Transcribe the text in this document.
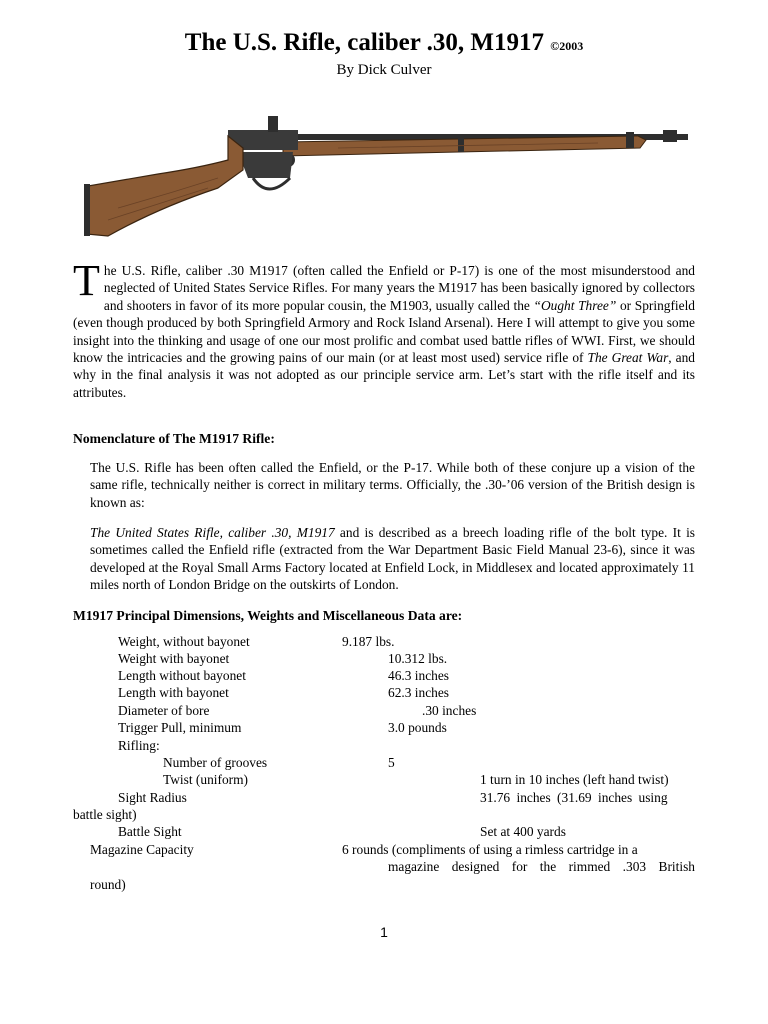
The U.S. Rifle, caliber .30, M1917 ©2003
By Dick Culver
The U.S. Rifle, caliber .30 M1917 (often called the Enfield or P-17) is one of the most misunderstood and neglected of United States Service Rifles. For many years the M1917 has been basically ignored by collectors and shooters in favor of its more popular cousin, the M1903, usually called the “Ought Three” or Springfield (even though produced by both Springfield Armory and Rock Island Arsenal). Here I will attempt to give you some insight into the thinking and usage of one our most prolific and combat used battle rifles of WWI. First, we should know the intricacies and the growing pains of our main (or at least most used) service rifle of The Great War, and why in the final analysis it was not adopted as our principle service arm. Let’s start with the rifle itself and its attributes.
Nomenclature of The M1917 Rifle:
The U.S. Rifle has been often called the Enfield, or the P-17. While both of these conjure up a vision of the same rifle, technically neither is correct in military terms. Officially, the .30-’06 version of the British design is known as:
The United States Rifle, caliber .30, M1917 and is described as a breech loading rifle of the bolt type. It is sometimes called the Enfield rifle (extracted from the War Department Basic Field Manual 23-6), since it was developed at the Royal Small Arms Factory located at Enfield Lock, in Middlesex and located approximately 11 miles north of London Bridge on the outskirts of London.
M1917 Principal Dimensions, Weights and Miscellaneous Data are:
Weight, without bayonet	9.187 lbs.
Weight with bayonet	10.312 lbs.
Length without bayonet	46.3 inches
Length with bayonet	62.3 inches
Diameter of bore	.30 inches
Trigger Pull, minimum	3.0 pounds
Rifling:
Number of grooves	5
Twist (uniform)	1 turn in 10 inches (left hand twist)
Sight Radius	31.76 inches (31.69 inches using
battle sight)
Battle Sight	Set at 400 yards
Magazine Capacity	6 rounds (compliments of using a rimless cartridge in a
magazine designed for the rimmed .303 British
round)
1
